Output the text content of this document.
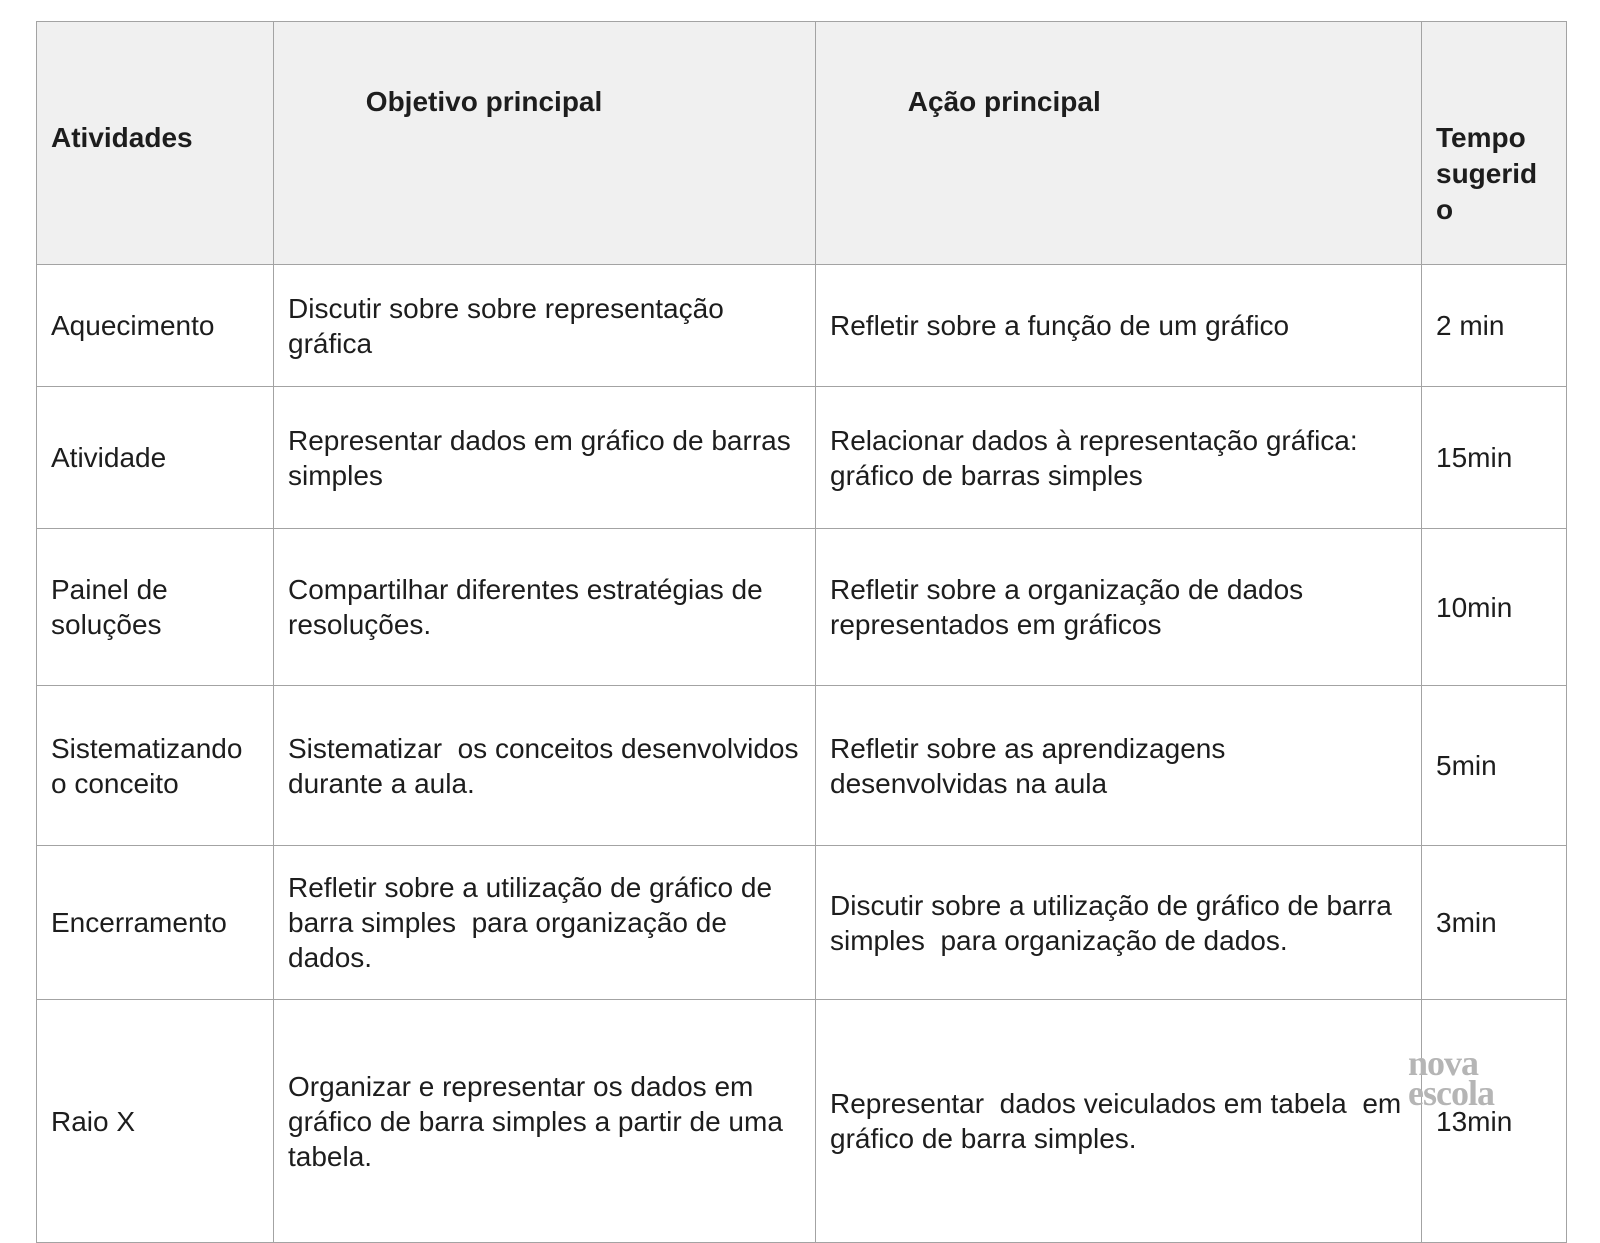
Atividades	Objetivo principal	Ação principal	Tempo sugerido

Aquecimento	Discutir sobre sobre representação gráfica	Refletir sobre a função de um gráfico	2 min
Atividade	Representar dados em gráfico de barras simples	Relacionar dados à representação gráfica: gráfico de barras simples	15min
Painel de soluções	Compartilhar diferentes estratégias de resoluções.	Refletir sobre a organização de dados representados em gráficos	10min
Sistematizando o conceito	Sistematizar  os conceitos desenvolvidos durante a aula.	Refletir sobre as aprendizagens desenvolvidas na aula	5min
Encerramento	Refletir sobre a utilização de gráfico de barra simples  para organização de dados.	Discutir sobre a utilização de gráfico de barra simples  para organização de dados.	3min
Raio X	Organizar e representar os dados em gráfico de barra simples a partir de uma tabela.	Representar  dados veiculados em tabela  em gráfico de barra simples.	13min
nova
escola
